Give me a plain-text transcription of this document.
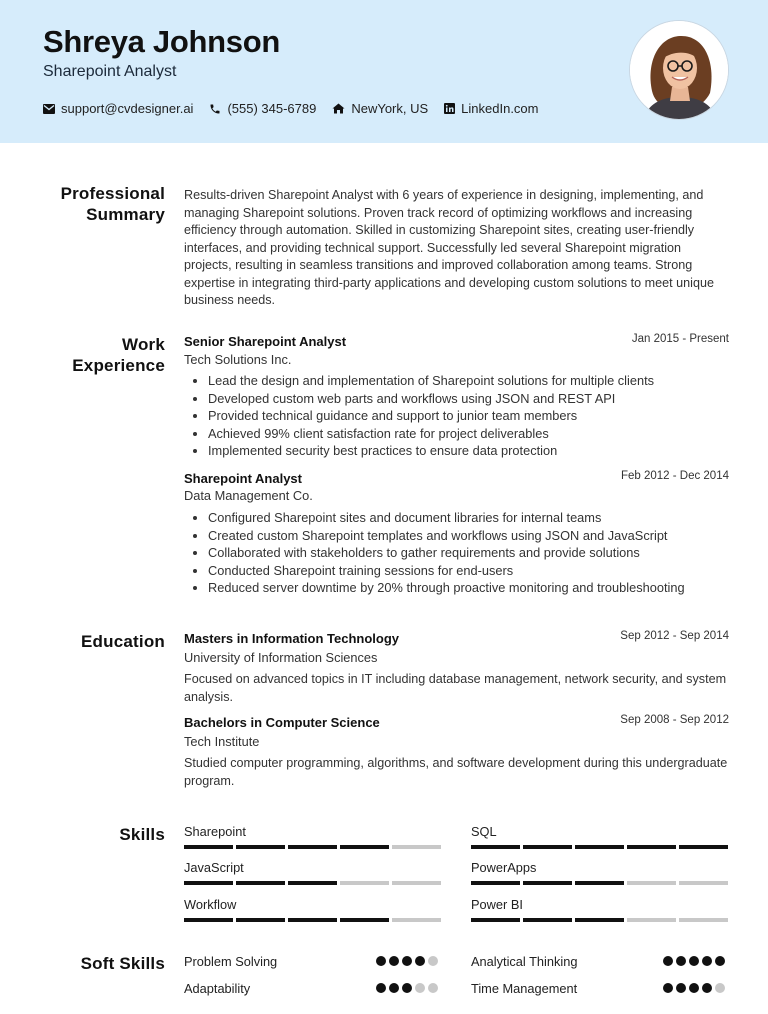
Shreya Johnson
Sharepoint Analyst
support@cvdesigner.ai	(555) 345-6789	NewYork, US	LinkedIn.com
Professional
Summary
Results-driven Sharepoint Analyst with 6 years of experience in designing, implementing, and managing Sharepoint solutions. Proven track record of optimizing workflows and increasing efficiency through automation. Skilled in customizing Sharepoint sites, creating user-friendly interfaces, and providing technical support. Successfully led several Sharepoint migration projects, resulting in seamless transitions and improved collaboration among teams. Strong expertise in integrating third-party applications and developing custom solutions to meet unique business needs.
Work
Experience
Senior Sharepoint Analyst	Jan 2015 - Present
Tech Solutions Inc.
Lead the design and implementation of Sharepoint solutions for multiple clients
Developed custom web parts and workflows using JSON and REST API
Provided technical guidance and support to junior team members
Achieved 99% client satisfaction rate for project deliverables
Implemented security best practices to ensure data protection
Sharepoint Analyst	Feb 2012 - Dec 2014
Data Management Co.
Configured Sharepoint sites and document libraries for internal teams
Created custom Sharepoint templates and workflows using JSON and JavaScript
Collaborated with stakeholders to gather requirements and provide solutions
Conducted Sharepoint training sessions for end-users
Reduced server downtime by 20% through proactive monitoring and troubleshooting
Education Masters in Information Technology	Sep 2012 - Sep 2014
University of Information Sciences
Focused on advanced topics in IT including database management, network security, and system analysis.
Bachelors in Computer Science	Sep 2008 - Sep 2012
Tech Institute
Studied computer programming, algorithms, and software development during this undergraduate program.
Skills Sharepoint	SQL
JavaScript	PowerApps
Workflow	Power BI
Soft Skills Problem Solving	Analytical Thinking
Adaptability	Time Management
